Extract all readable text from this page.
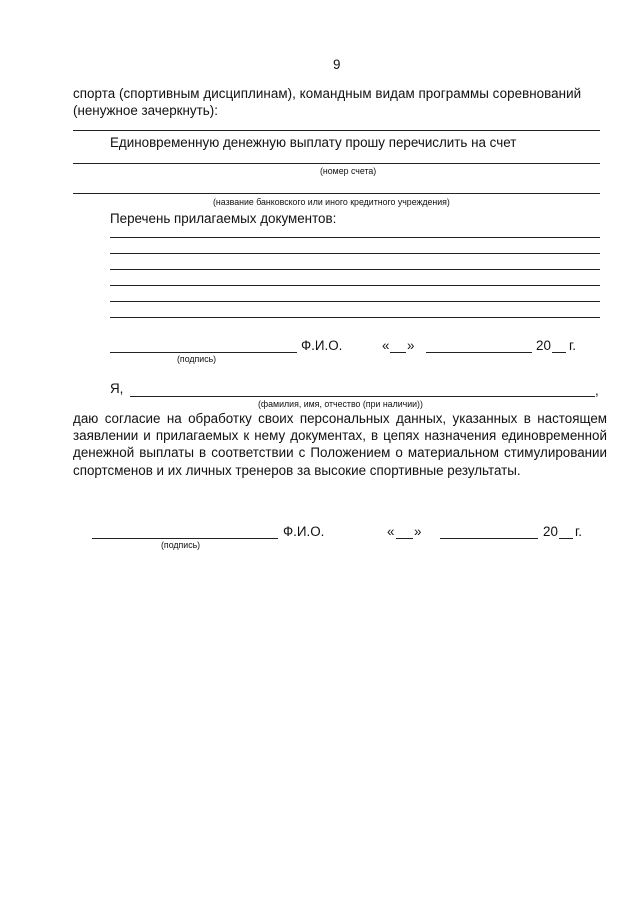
9
спорта (спортивным дисциплинам), командным видам программы соревнований
(ненужное зачеркнуть):
Единовременную денежную выплату прошу перечислить на счет
(номер счета)
(название банковского или иного кредитного учреждения)
Перечень прилагаемых документов:
Ф.И.О.	« »	20 г.
(подпись)
Я,	,
(фамилия, имя, отчество (при наличии))
даю согласие на обработку своих персональных данных, указанных в настоящем заявлении и прилагаемых к нему документах, в цепях назначения единовременной денежной выплаты в соответствии с Положением о материальном стимулировании спортсменов и их личных тренеров за высокие спортивные результаты.
Ф.И.О.	« »	20 г.
(подпись)
